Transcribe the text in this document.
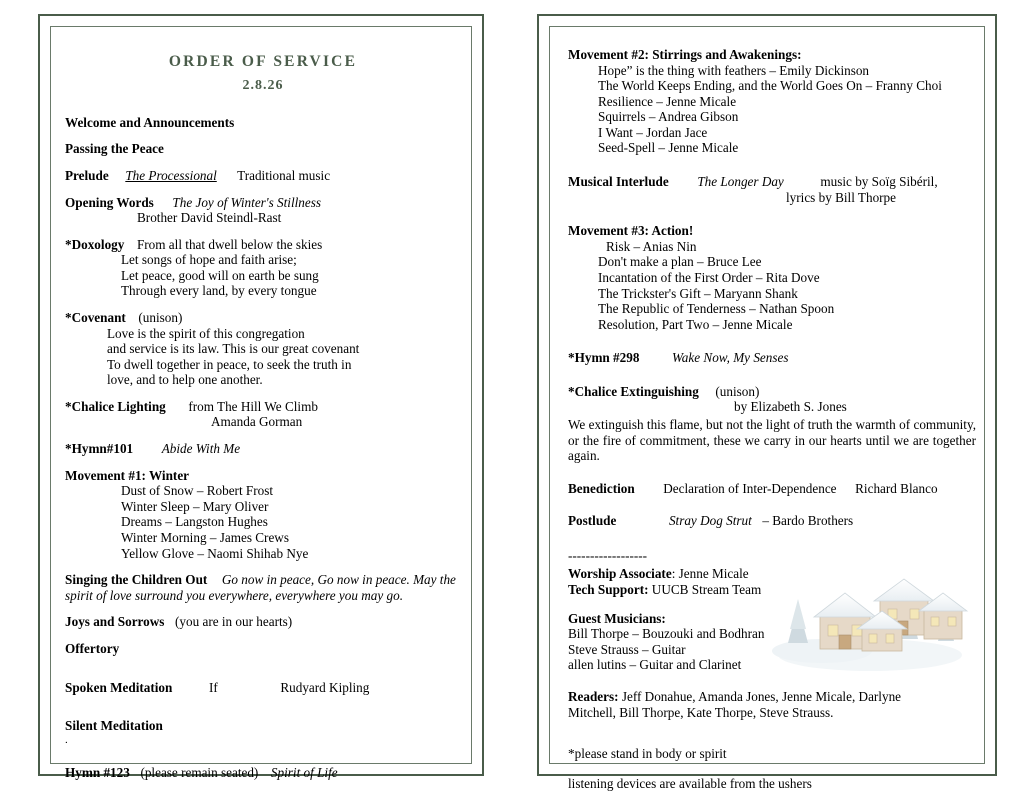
ORDER OF SERVICE
2.8.26
Welcome and Announcements
Passing the Peace
Prelude The Processional Traditional music
Opening Words The Joy of Winter's Stillness
Brother David Steindl-Rast
*Doxology From all that dwell below the skies
Let songs of hope and faith arise;
Let peace, good will on earth be sung
Through every land, by every tongue
*Covenant (unison)
Love is the spirit of this congregation
and service is its law. This is our great covenant
To dwell together in peace, to seek the truth in
love, and to help one another.
*Chalice Lighting from The Hill We Climb
Amanda Gorman
*Hymn#101 Abide With Me
Movement #1: Winter
Dust of Snow – Robert Frost
Winter Sleep – Mary Oliver
Dreams – Langston Hughes
Winter Morning – James Crews
Yellow Glove – Naomi Shihab Nye
Singing the Children Out Go now in peace, Go now in peace. May the spirit of love surround you everywhere, everywhere you may go.
Joys and Sorrows (you are in our hearts)
Offertory
Spoken Meditation	If	Rudyard Kipling
Silent Meditation
.
Hymn #123 (please remain seated) Spirit of Life
Movement #2: Stirrings and Awakenings:
Hope” is the thing with feathers – Emily Dickinson
The World Keeps Ending, and the World Goes On – Franny Choi
Resilience – Jenne Micale
Squirrels – Andrea Gibson
I Want – Jordan Jace
Seed-Spell – Jenne Micale
Musical Interlude The Longer Day	music by Soïg Sibéril,
lyrics by Bill Thorpe
Movement #3: Action!
Risk – Anias Nin
Don't make a plan – Bruce Lee
Incantation of the First Order – Rita Dove
The Trickster's Gift – Maryann Shank
The Republic of Tenderness – Nathan Spoon
Resolution, Part Two – Jenne Micale
*Hymn #298 Wake Now, My Senses
*Chalice Extinguishing (unison)
by Elizabeth S. Jones
We extinguish this flame, but not the light of truth the warmth of community, or the fire of commitment, these we carry in our hearts until we are together again.
Benediction Declaration of Inter-Dependence Richard Blanco
Postlude	Stray Dog Strut – Bardo Brothers
------------------
Worship Associate: Jenne Micale
Tech Support: UUCB Stream Team
Guest Musicians:
Bill Thorpe – Bouzouki and Bodhran
Steve Strauss – Guitar
allen lutins – Guitar and Clarinet
Readers: Jeff Donahue, Amanda Jones, Jenne Micale, Darlyne Mitchell, Bill Thorpe, Kate Thorpe, Steve Strauss.
*please stand in body or spirit
listening devices are available from the ushers
